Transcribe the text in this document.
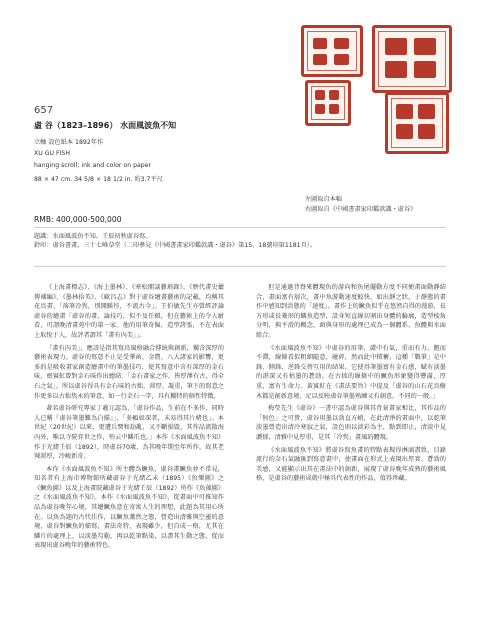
左圖取自本幅
右圖取自《中國書畫家印鑑款識・虛谷》
657
虛 谷（1823–1896） 水面風波魚不知
立軸 設色紙本 1892年作
XU GU FISH
hanging scroll; ink and color on paper
88 × 47 cm. 34 5/8 × 18 1/2 in. 約3.7平尺
RMB: 400,000-500,000
題識：水面風波魚不知。壬辰初秋虛谷寫。
鈐印：虛谷書畫、三十七峰草堂（二印參見《中國書畫家印鑑款識・虛谷》第15、18號印第1181頁）。

《上海畫標志》、《海上墨林》、《寒松閣談藝瑣錄》、《歷代畫史彙傳補編》、《墨林拾英》、《歐昌志》對于虛谷繪畫藝術的記載，均稱其花鳥畫、「落筆冷隽，別開蹊徑，不流古今」。王伯敏先生亦曾經評論虛谷的繪畫「虛谷的畫，論技巧，似不及任頤，但在藝術上的令人耐看，可謂晚清畫苑中的第一家。他的用筆奇倔，造型誇張，不在表面上取悅于人，故評者謂其「畫有內美」」。

「畫有內美」，應該是指其寫鳥風格融合傳統與創新，獨含深厚的藝術表現力。虛谷的寫意不止是受華喦、金農、八大諸家的影響，更多的是吸收畫家創造繪畫中的筆墨技巧，使其寫意中含有深厚的金石味。齋賓虹曾對金石味作出總結：「金石畫家之作，皆厚澤有古，得全石之氣」。所以虛谷得具有金石味的古拙、渾厚、凝重，筆下的寫意之作更多以古拙隽永的筆意，如一行金石一字，具有獨特的個性特徵。

著名虛谷研究專家丁羲元認為，「虛谷作品，生前在不多作，同時人已稱『虛谷筆墨難為白描』」，「多賴如深者，未易得其片楮也」。本世紀（20世紀）以來，更遭兵燹和劫亂，又不斷損毀，其作品流散海內外，唯以寺院存世之作，殆云中鱗爪也。」本作《水面風波魚不知》作于光緒壬辰（1892），時虛谷70歲，為其晚年期至年所作，故其老辣渾厚，冷峻新奇。

本作《水面風波魚不知》所主體為鱖魚，虛谷畫鱖魚並不常見，知名者有上海市博物館所藏虛谷于光緒乙未（1895）《魚樂圖》之《鱖魚圖》以及上海畫院藏虛谷于光緒壬辰（1892）所作《魚藻圖》之《水面風波魚不知》。本作《水面風波魚不知》，從畫面中可推知作品為虛谷晚年心境，其繪鱖魚意在寄寓人生的理想，此題為其用心所在。以魚為題的古代佳作，以鱖魚蕭然之態，營造出清雅與空靈的意境，虛谷對鱖魚的描寫，畫法奇特，表現雖少，但自成一格，尤其在鱗片的處理上，以淡墨勾勒，再以乾筆點染，以盡其生動之態，從而表現出虛谷晚年的藝術特色。

但是通過背脊來體現魚的游向和魚尾擺動方度不同便畫面動靜結合，畫面富有層次，畫中魚游動速度較快，如出靜之狀，于靜態的畫作中感知到活態的「速度」。畫作上的鱖魚似乎在悠然自得的漫游，長方形或長菱形的鱗魚造型，設身短直線切割出身體的輪廓，造型棱角分明，與平滑的概念，頭與身形的處理已成為一個體系，魚體與水面組合。

《水面風波魚不知》中虛谷的用筆，澀中有氣，重而有力，飽而不滯，線條看似粗細隨意，碰碎，然而此中積蓄，這種「戰筆」是中鋒、側鋒、逆鋒交替互用的結果。它使得筆墨富有金石感，賦有淡墨的湛深又有枯墨的蒼勁。在古拙的線條中的鱖魚形象變得豐滿，厚重，富有生命力。黃賓虹在《畫法要旨》中提及「虛谷的山石花鳥樹木都是創新意境，足以反映虛谷筆墨熟練又有創意，不同的一般。」

梅瑩先生《虛谷》一書中認為虛谷與其背景畫家相比，其作品的「無色」之可貴，虛谷用墨以勁直方峭，在此清淨的畫面中，以乾筆淡墨營造出清冷寒寂之氣，設色則以淡彩為主，點到即止，清淡中見濃郁，清雅中見厚重，是其「冷隽」畫風的體現。

《水面風波魚不知》將虛谷寫魚畫的特點表現得淋漓盡致，目錄流行的金石氣融匯到寫意畫中，使畫面在形式上表現出厚實、蒼勁的美感，又能顯示出其在畫法中的創新，展現了虛谷晚年成熟的藝術風格，是虛谷的藝術成就中極具代表性的作品，值得珍藏。
